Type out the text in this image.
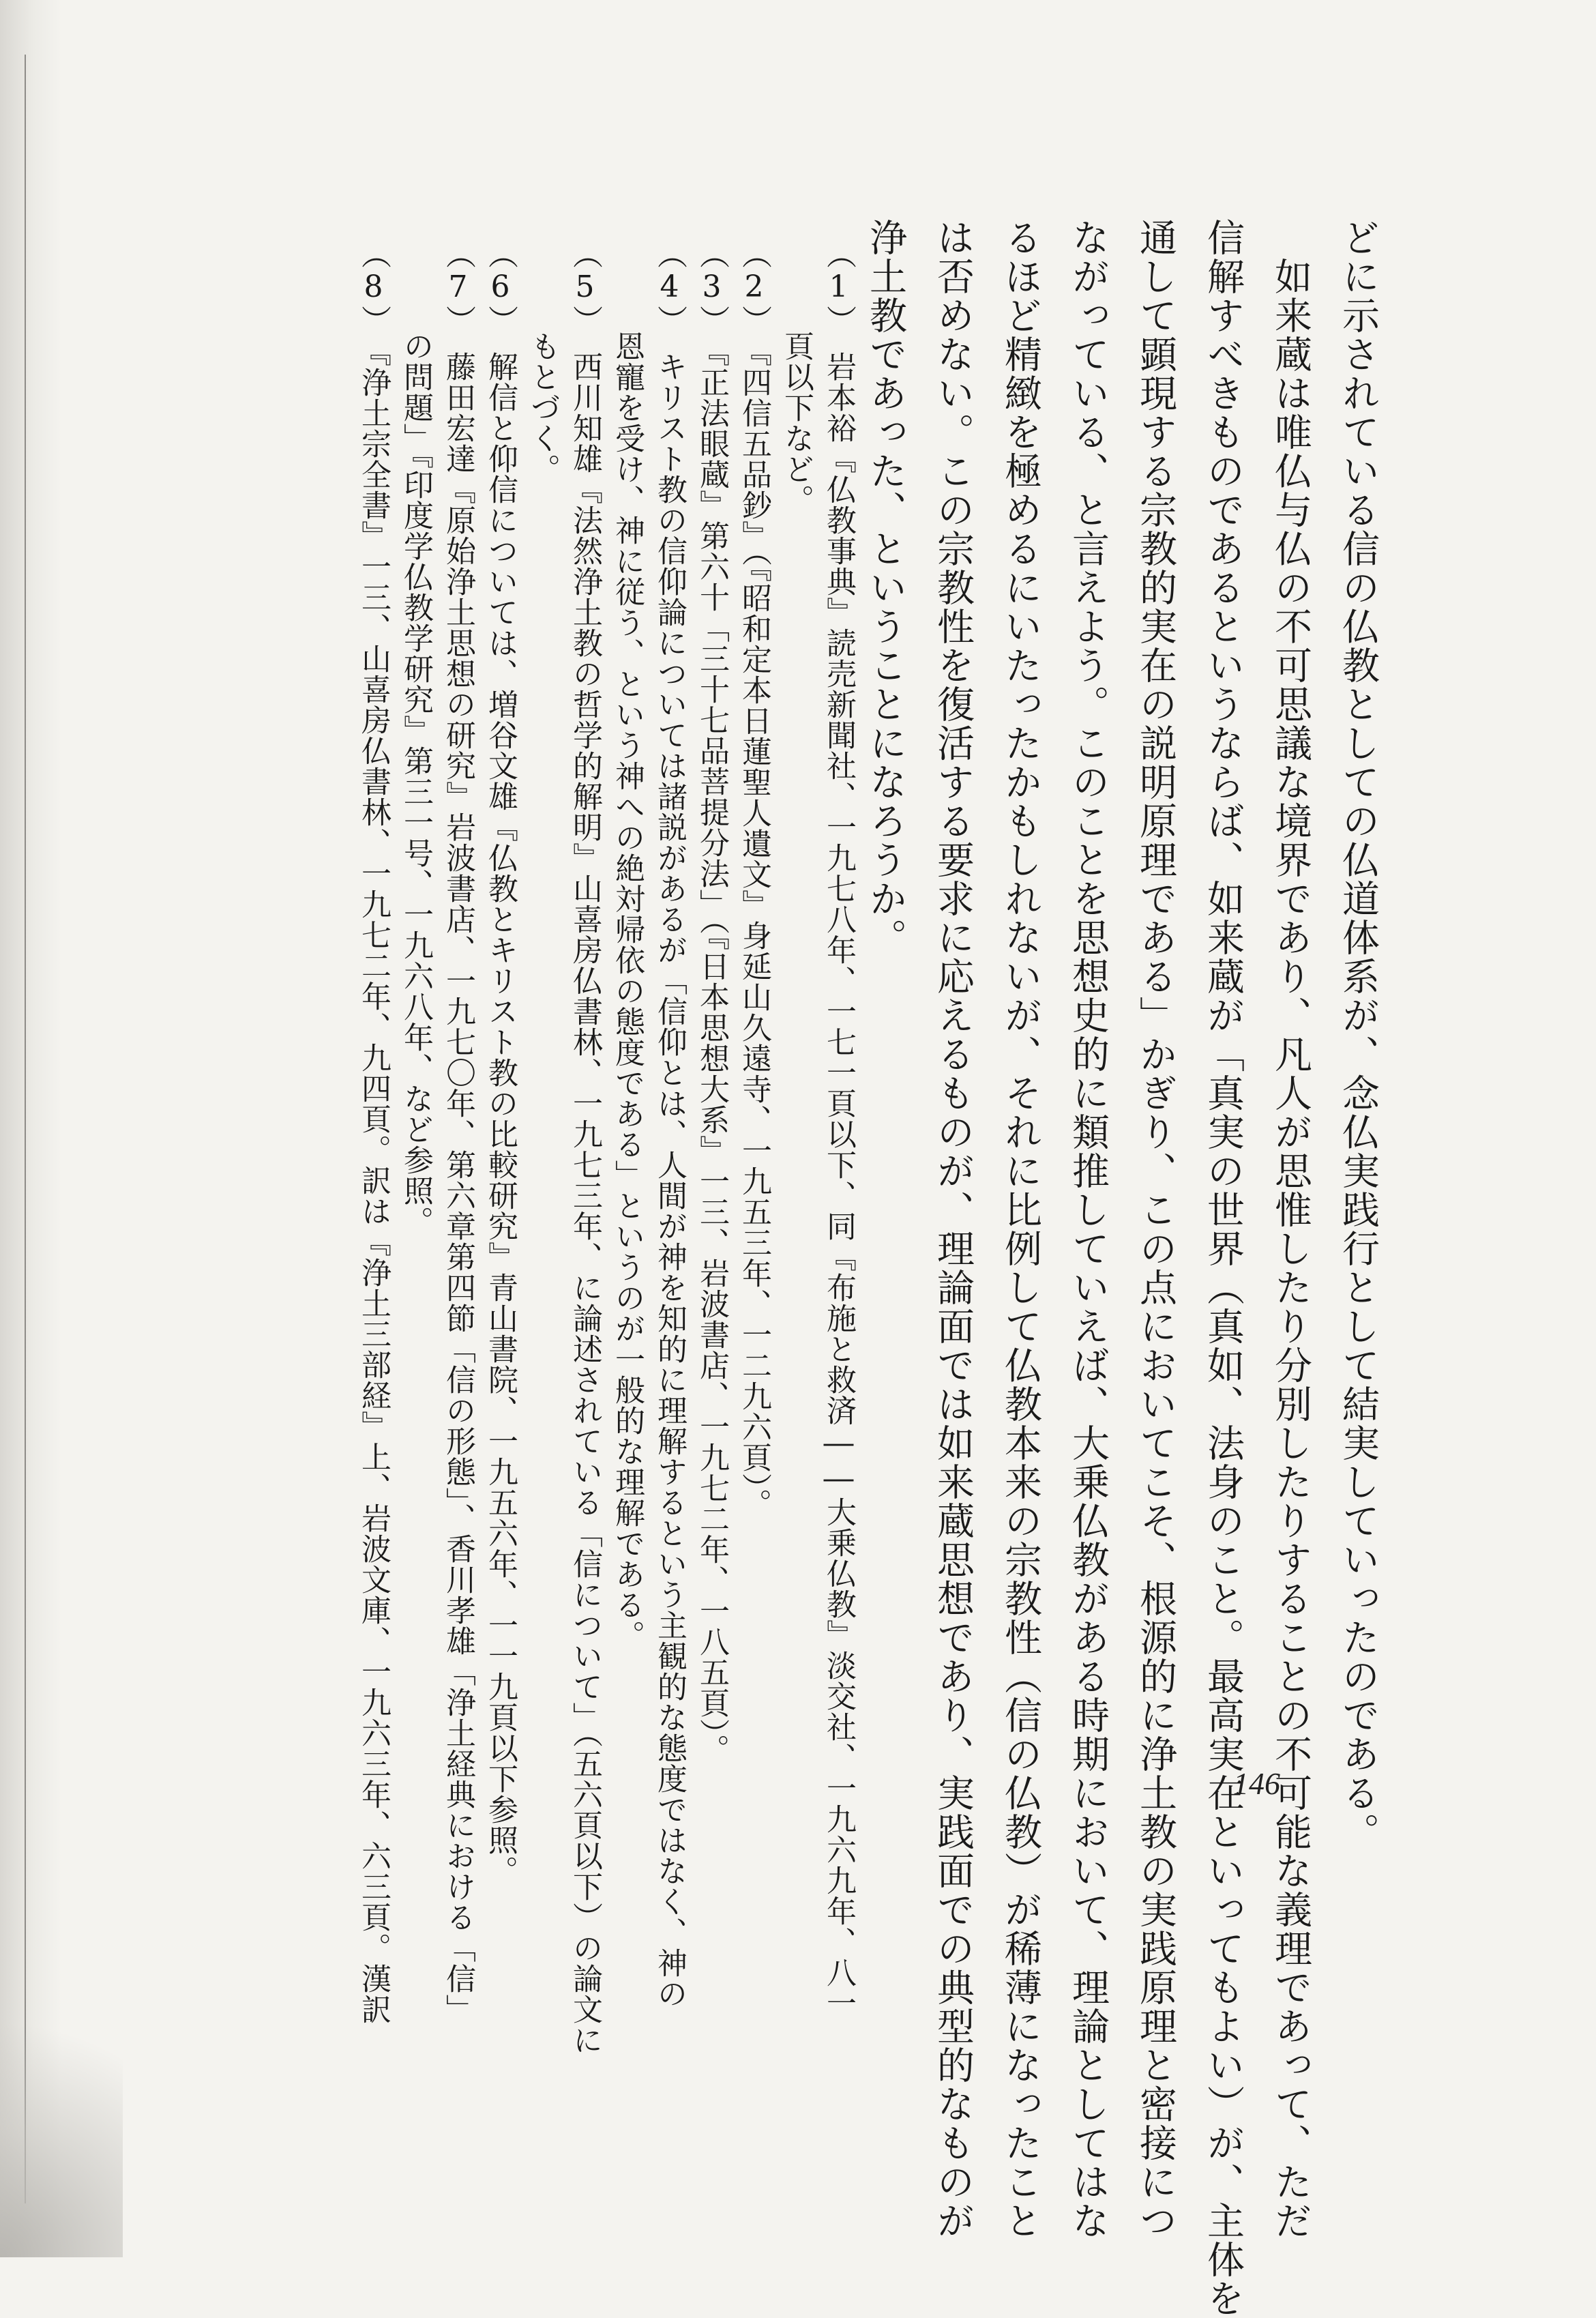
どに示されている信の仏教としての仏道体系が、念仏実践行として結実していったのである。
　如来蔵は唯仏与仏の不可思議な境界であり、凡人が思惟したり分別したりすることの不可能な義理であって、ただ
信解すべきものであるというならば、如来蔵が「真実の世界（真如、法身のこと。最高実在といってもよい）が、主体を
通して顕現する宗教的実在の説明原理である」かぎり、この点においてこそ、根源的に浄土教の実践原理と密接につ
ながっている、と言えよう。このことを思想史的に類推していえば、大乗仏教がある時期において、理論としてはな
るほど精緻を極めるにいたったかもしれないが、それに比例して仏教本来の宗教性（信の仏教）が稀薄になったこと
は否めない。この宗教性を復活する要求に応えるものが、理論面では如来蔵思想であり、実践面での典型的なものが
浄土教であった、ということになろうか。
（1）　岩本裕『仏教事典』読売新聞社、一九七八年、一七一頁以下、同『布施と救済――大乗仏教』淡交社、一九六九年、八一
　　　頁以下など。
（2）　『四信五品鈔』（『昭和定本日蓮聖人遺文』身延山久遠寺、一九五三年、一二九六頁）。
（3）　『正法眼蔵』第六十「三十七品菩提分法」（『日本思想大系』一三、岩波書店、一九七二年、一八五頁）。
（4）　キリスト教の信仰論については諸説があるが「信仰とは、人間が神を知的に理解するという主観的な態度ではなく、神の
　　　恩寵を受け、神に従う、という神への絶対帰依の態度である」というのが一般的な理解である。
（5）　西川知雄『法然浄土教の哲学的解明』山喜房仏書林、一九七三年、に論述されている「信について」（五六頁以下）の論文に
　　　もとづく。
（6）　解信と仰信については、増谷文雄『仏教とキリスト教の比較研究』青山書院、一九五六年、一一九頁以下参照。
（7）　藤田宏達『原始浄土思想の研究』岩波書店、一九七〇年、第六章第四節「信の形態」、香川孝雄「浄土経典における「信」
　　　の問題」『印度学仏教学研究』第三一号、一九六八年、など参照。
（8）　『浄土宗全書』一三、山喜房仏書林、一九七二年、九四頁。訳は『浄土三部経』上、岩波文庫、一九六三年、六三頁。漢訳	146
